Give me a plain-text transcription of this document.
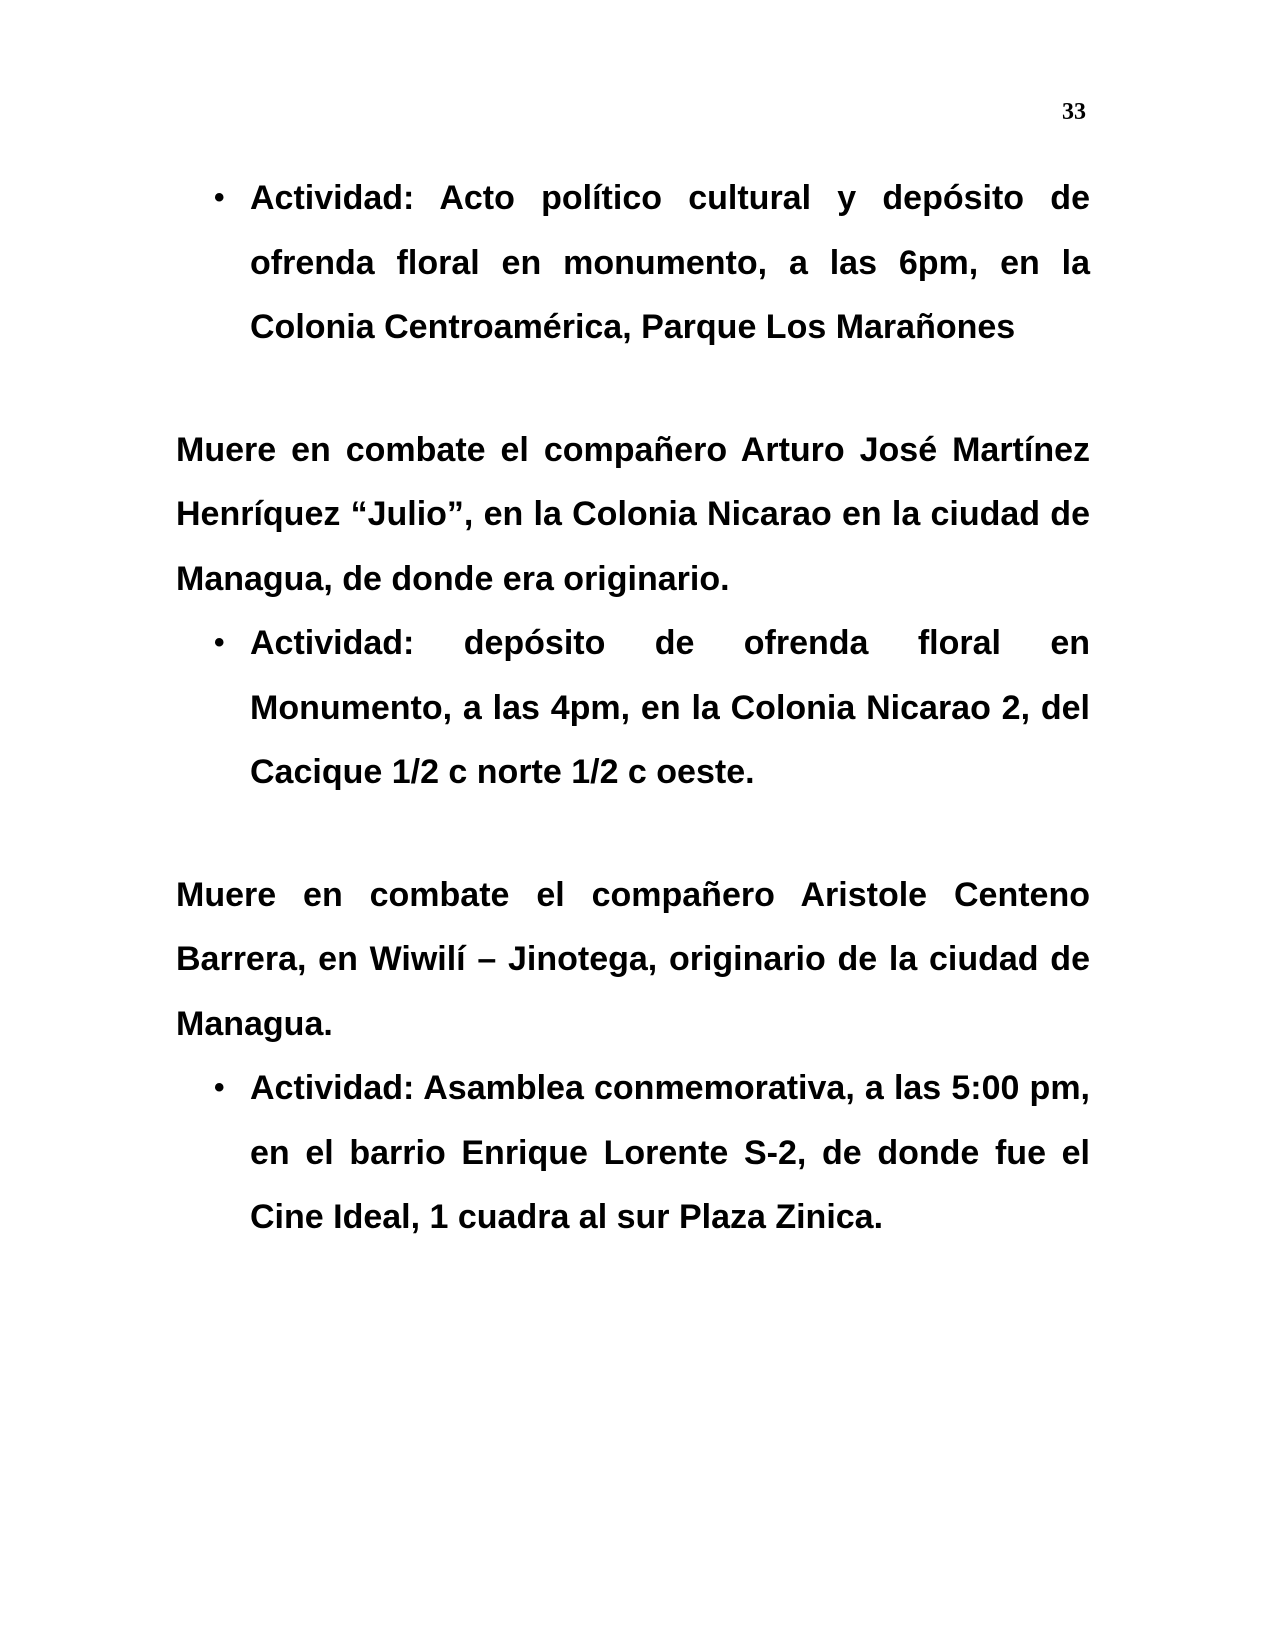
33
• Actividad: Acto político cultural y depósito de ofrenda floral en monumento, a las 6pm, en la Colonia Centroamérica, Parque Los Marañones

Muere en combate el compañero Arturo José Martínez Henríquez “Julio”, en la Colonia Nicarao en la ciudad de Managua, de donde era originario.

• Actividad: depósito de ofrenda floral en Monumento, a las 4pm, en la Colonia Nicarao 2, del Cacique 1/2 c norte 1/2 c oeste.

Muere en combate el compañero Aristole Centeno Barrera, en Wiwilí – Jinotega, originario de la ciudad de Managua.

• Actividad: Asamblea conmemorativa, a las 5:00 pm, en el barrio Enrique Lorente S-2, de donde fue el Cine Ideal, 1 cuadra al sur Plaza Zinica.
